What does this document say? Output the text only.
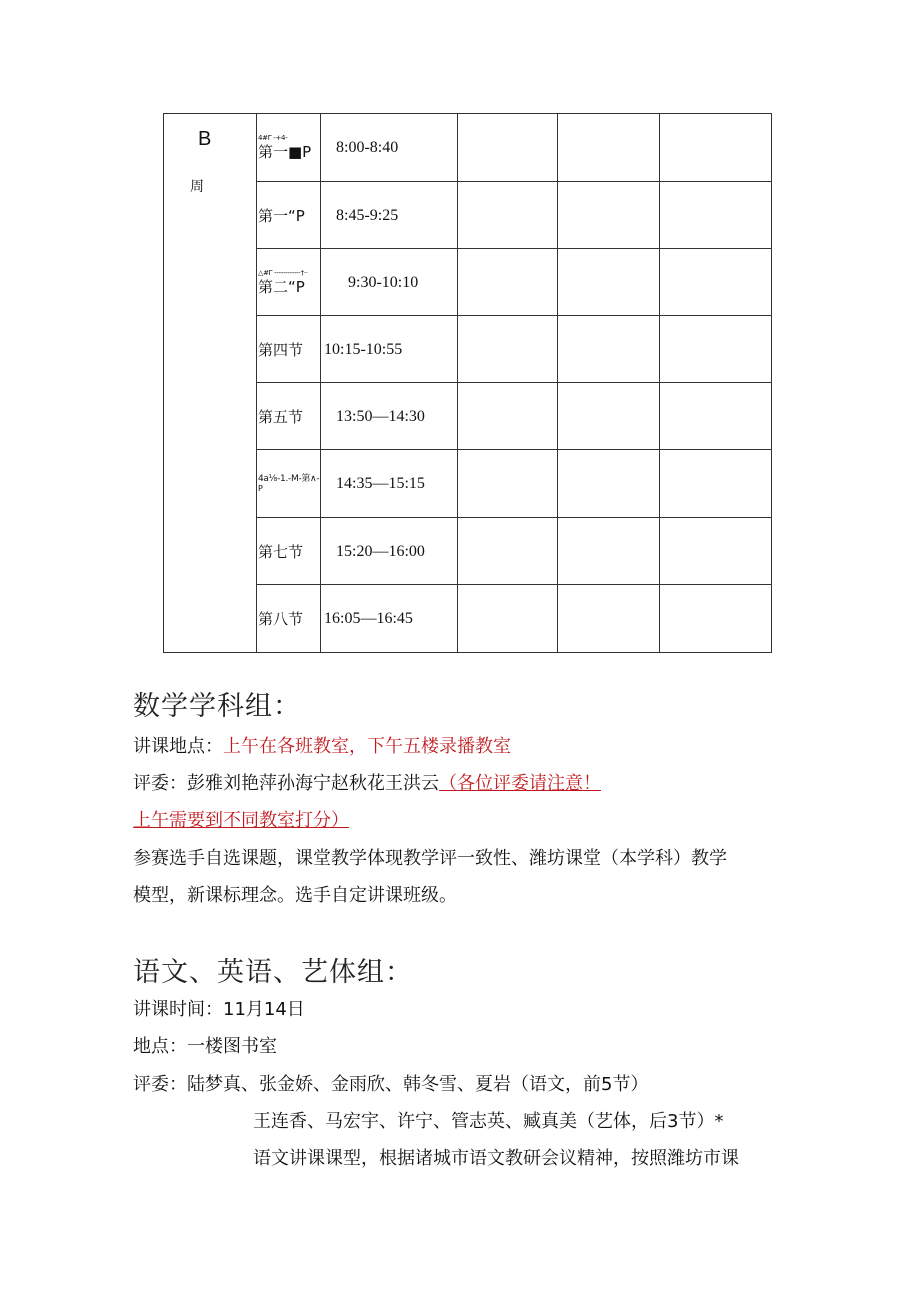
B
周
4#Γ -+4-
第一■P	8:00-8:40
第一“P	8:45-9:25
△#Γ -----------·†··
第二“P	9:30-10:10
第四节	10:15-10:55
第五节	13:50—14:30
4a⅛-1.-M-第∧-
P	14:35—15:15
第七节	15:20—16:00
第八节	16:05—16:45
数学学科组：
讲课地点：上午在各班教室，下午五楼录播教室
评委：彭雅刘艳萍孙海宁赵秋花王洪云（各位评委请注意！
上午需要到不同教室打分）
参赛选手自选课题，课堂教学体现教学评一致性、潍坊课堂（本学科）教学
模型，新课标理念。选手自定讲课班级。
语文、英语、艺体组：
讲课时间：11月14日
地点：一楼图书室
评委：陆梦真、张金娇、金雨欣、韩冬雪、夏岩（语文，前5节）
王连香、马宏宇、许宁、管志英、臧真美（艺体，后3节）*
语文讲课课型，根据诸城市语文教研会议精神，按照潍坊市课
